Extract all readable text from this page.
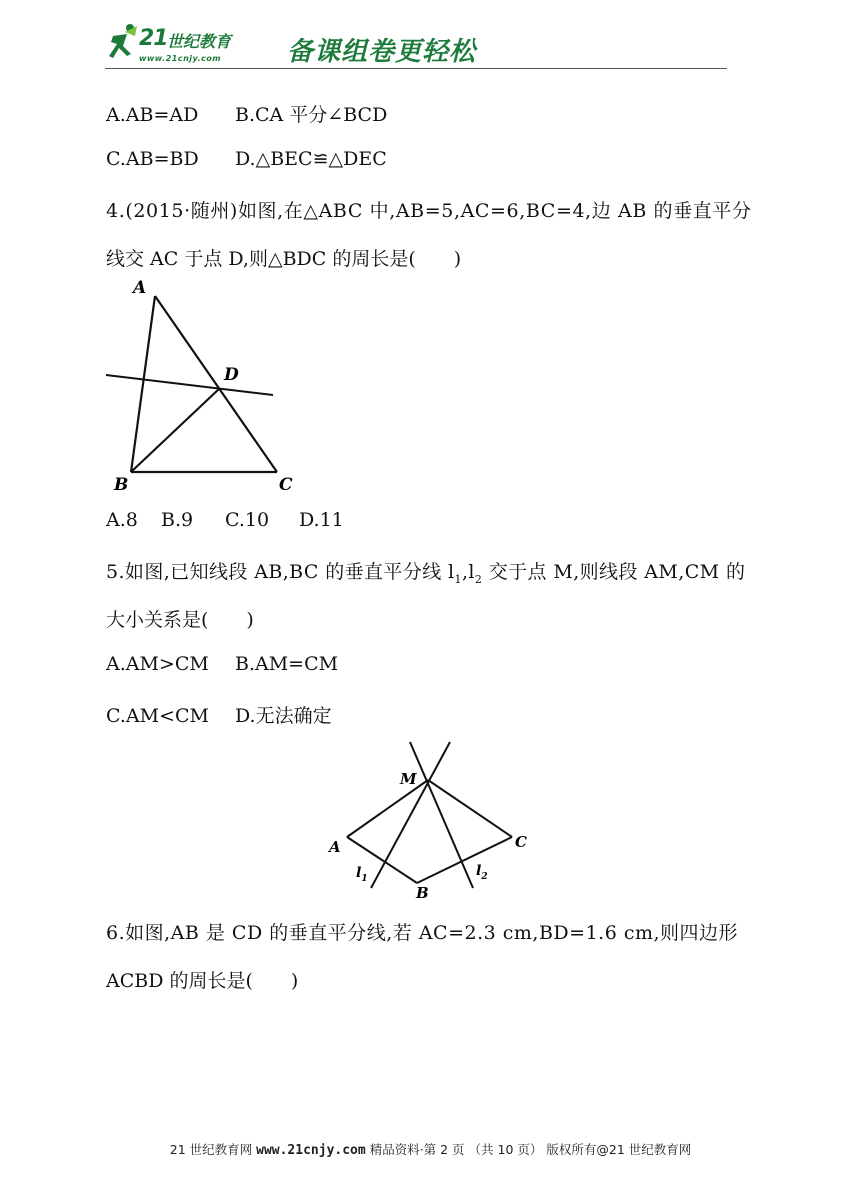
21 世纪教育
www.21cnjy.com	备课组卷更轻松
A.AB=AD B.CA 平分∠BCD
C.AB=BD D.△BEC≌△DEC
4.(2015·随州)如图,在△ABC 中,AB=5,AC=6,BC=4,边 AB 的垂直平分
线交 AC 于点 D,则△BDC 的周长是(　　)
A
D
B	C
A.8 B.9 C.10 D.11
5.如图,已知线段 AB,BC 的垂直平分线 $l_1,l_2$ 交于点 M,则线段 AM,CM 的
大小关系是(　　)
A.AM>CM B.AM=CM
C.AM<CM D.无法确定
M
A	C
B
$l_1$	$l_2$
6.如图,AB 是 CD 的垂直平分线,若 AC=2.3 cm,BD=1.6 cm,则四边形
ACBD 的周长是(　　)
21 世纪教育网 www.21cnjy.com 精品资料·第 2 页 （共 10 页） 版权所有@21 世纪教育网
